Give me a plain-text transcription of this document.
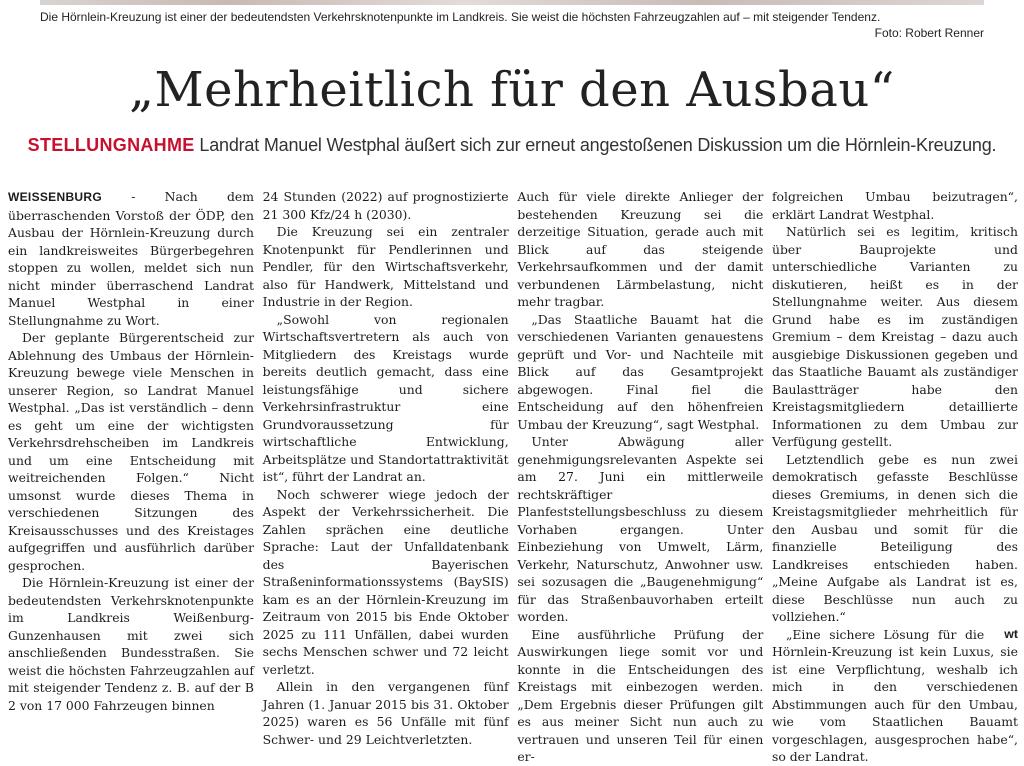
Die Hörnlein-Kreuzung ist einer der bedeutendsten Verkehrsknotenpunkte im Landkreis. Sie weist die höchsten Fahrzeugzahlen auf – mit steigender Tendenz.
Foto: Robert Renner
„Mehrheitlich für den Ausbau“
STELLUNGNAHME Landrat Manuel Westphal äußert sich zur erneut angestoßenen Diskussion um die Hörnlein-Kreuzung.

WEISSENBURG - Nach dem überraschenden Vorstoß der ÖDP, den Ausbau der Hörnlein-Kreuzung durch ein landkreisweites Bürgerbegehren stoppen zu wollen, meldet sich nun nicht minder überraschend Landrat Manuel Westphal in einer Stellungnahme zu Wort.

Der geplante Bürgerentscheid zur Ablehnung des Umbaus der Hörnlein-Kreuzung bewege viele Menschen in unserer Region, so Landrat Manuel Westphal. „Das ist verständlich – denn es geht um eine der wichtigsten Verkehrsdrehscheiben im Landkreis und um eine Entscheidung mit weitreichenden Folgen.“ Nicht umsonst wurde dieses Thema in verschiedenen Sitzungen des Kreisausschusses und des Kreistages aufgegriffen und ausführlich darüber gesprochen.

Die Hörnlein-Kreuzung ist einer der bedeutendsten Verkehrsknotenpunkte im Landkreis Weißenburg-Gunzenhausen mit zwei sich anschließenden Bundesstraßen. Sie weist die höchsten Fahrzeugzahlen auf mit steigender Tendenz z. B. auf der B 2 von 17 000 Fahrzeugen binnen

24 Stunden (2022) auf prognostizierte 21 300 Kfz/24 h (2030).

Die Kreuzung sei ein zentraler Knotenpunkt für Pendlerinnen und Pendler, für den Wirtschaftsverkehr, also für Handwerk, Mittelstand und Industrie in der Region.

„Sowohl von regionalen Wirtschaftsvertretern als auch von Mitgliedern des Kreistags wurde bereits deutlich gemacht, dass eine leistungsfähige und sichere Verkehrsinfrastruktur eine Grundvoraussetzung für wirtschaftliche Entwicklung, Arbeitsplätze und Standortattraktivität ist“, führt der Landrat an.

Noch schwerer wiege jedoch der Aspekt der Verkehrssicherheit. Die Zahlen sprächen eine deutliche Sprache: Laut der Unfalldatenbank des Bayerischen Straßeninformationssystems (BaySIS) kam es an der Hörnlein-Kreuzung im Zeitraum von 2015 bis Ende Oktober 2025 zu 111 Unfällen, dabei wurden sechs Menschen schwer und 72 leicht verletzt.

Allein in den vergangenen fünf Jahren (1. Januar 2015 bis 31. Oktober 2025) waren es 56 Unfälle mit fünf Schwer- und 29 Leichtverletzten.

Auch für viele direkte Anlieger der bestehenden Kreuzung sei die derzeitige Situation, gerade auch mit Blick auf das steigende Verkehrsaufkommen und der damit verbundenen Lärmbelastung, nicht mehr tragbar.

„Das Staatliche Bauamt hat die verschiedenen Varianten genauestens geprüft und Vor- und Nachteile mit Blick auf das Gesamtprojekt abgewogen. Final fiel die Entscheidung auf den höhenfreien Umbau der Kreuzung“, sagt Westphal.

Unter Abwägung aller genehmigungsrelevanten Aspekte sei am 27. Juni ein mittlerweile rechtskräftiger Planfeststellungsbeschluss zu diesem Vorhaben ergangen. Unter Einbeziehung von Umwelt, Lärm, Verkehr, Naturschutz, Anwohner usw. sei sozusagen die „Baugenehmigung“ für das Straßenbauvorhaben erteilt worden.

Eine ausführliche Prüfung der Auswirkungen liege somit vor und konnte in die Entscheidungen des Kreistags mit einbezogen werden. „Dem Ergebnis dieser Prüfungen gilt es aus meiner Sicht nun auch zu vertrauen und unseren Teil für einen er-

folgreichen Umbau beizutragen“, erklärt Landrat Westphal.

Natürlich sei es legitim, kritisch über Bauprojekte und unterschiedliche Varianten zu diskutieren, heißt es in der Stellungnahme weiter. Aus diesem Grund habe es im zuständigen Gremium – dem Kreistag – dazu auch ausgiebige Diskussionen gegeben und das Staatliche Bauamt als zuständiger Baulastträger habe den Kreistagsmitgliedern detaillierte Informationen zu dem Umbau zur Verfügung gestellt.

Letztendlich gebe es nun zwei demokratisch gefasste Beschlüsse dieses Gremiums, in denen sich die Kreistagsmitglieder mehrheitlich für den Ausbau und somit für die finanzielle Beteiligung des Landkreises entschieden haben. „Meine Aufgabe als Landrat ist es, diese Beschlüsse nun auch zu vollziehen.“

wt
„Eine sichere Lösung für die Hörnlein-Kreuzung ist kein Luxus, sie ist eine Verpflichtung, weshalb ich mich in den verschiedenen Abstimmungen auch für den Umbau, wie vom Staatlichen Bauamt vorgeschlagen, ausgesprochen habe“, so der Landrat.
